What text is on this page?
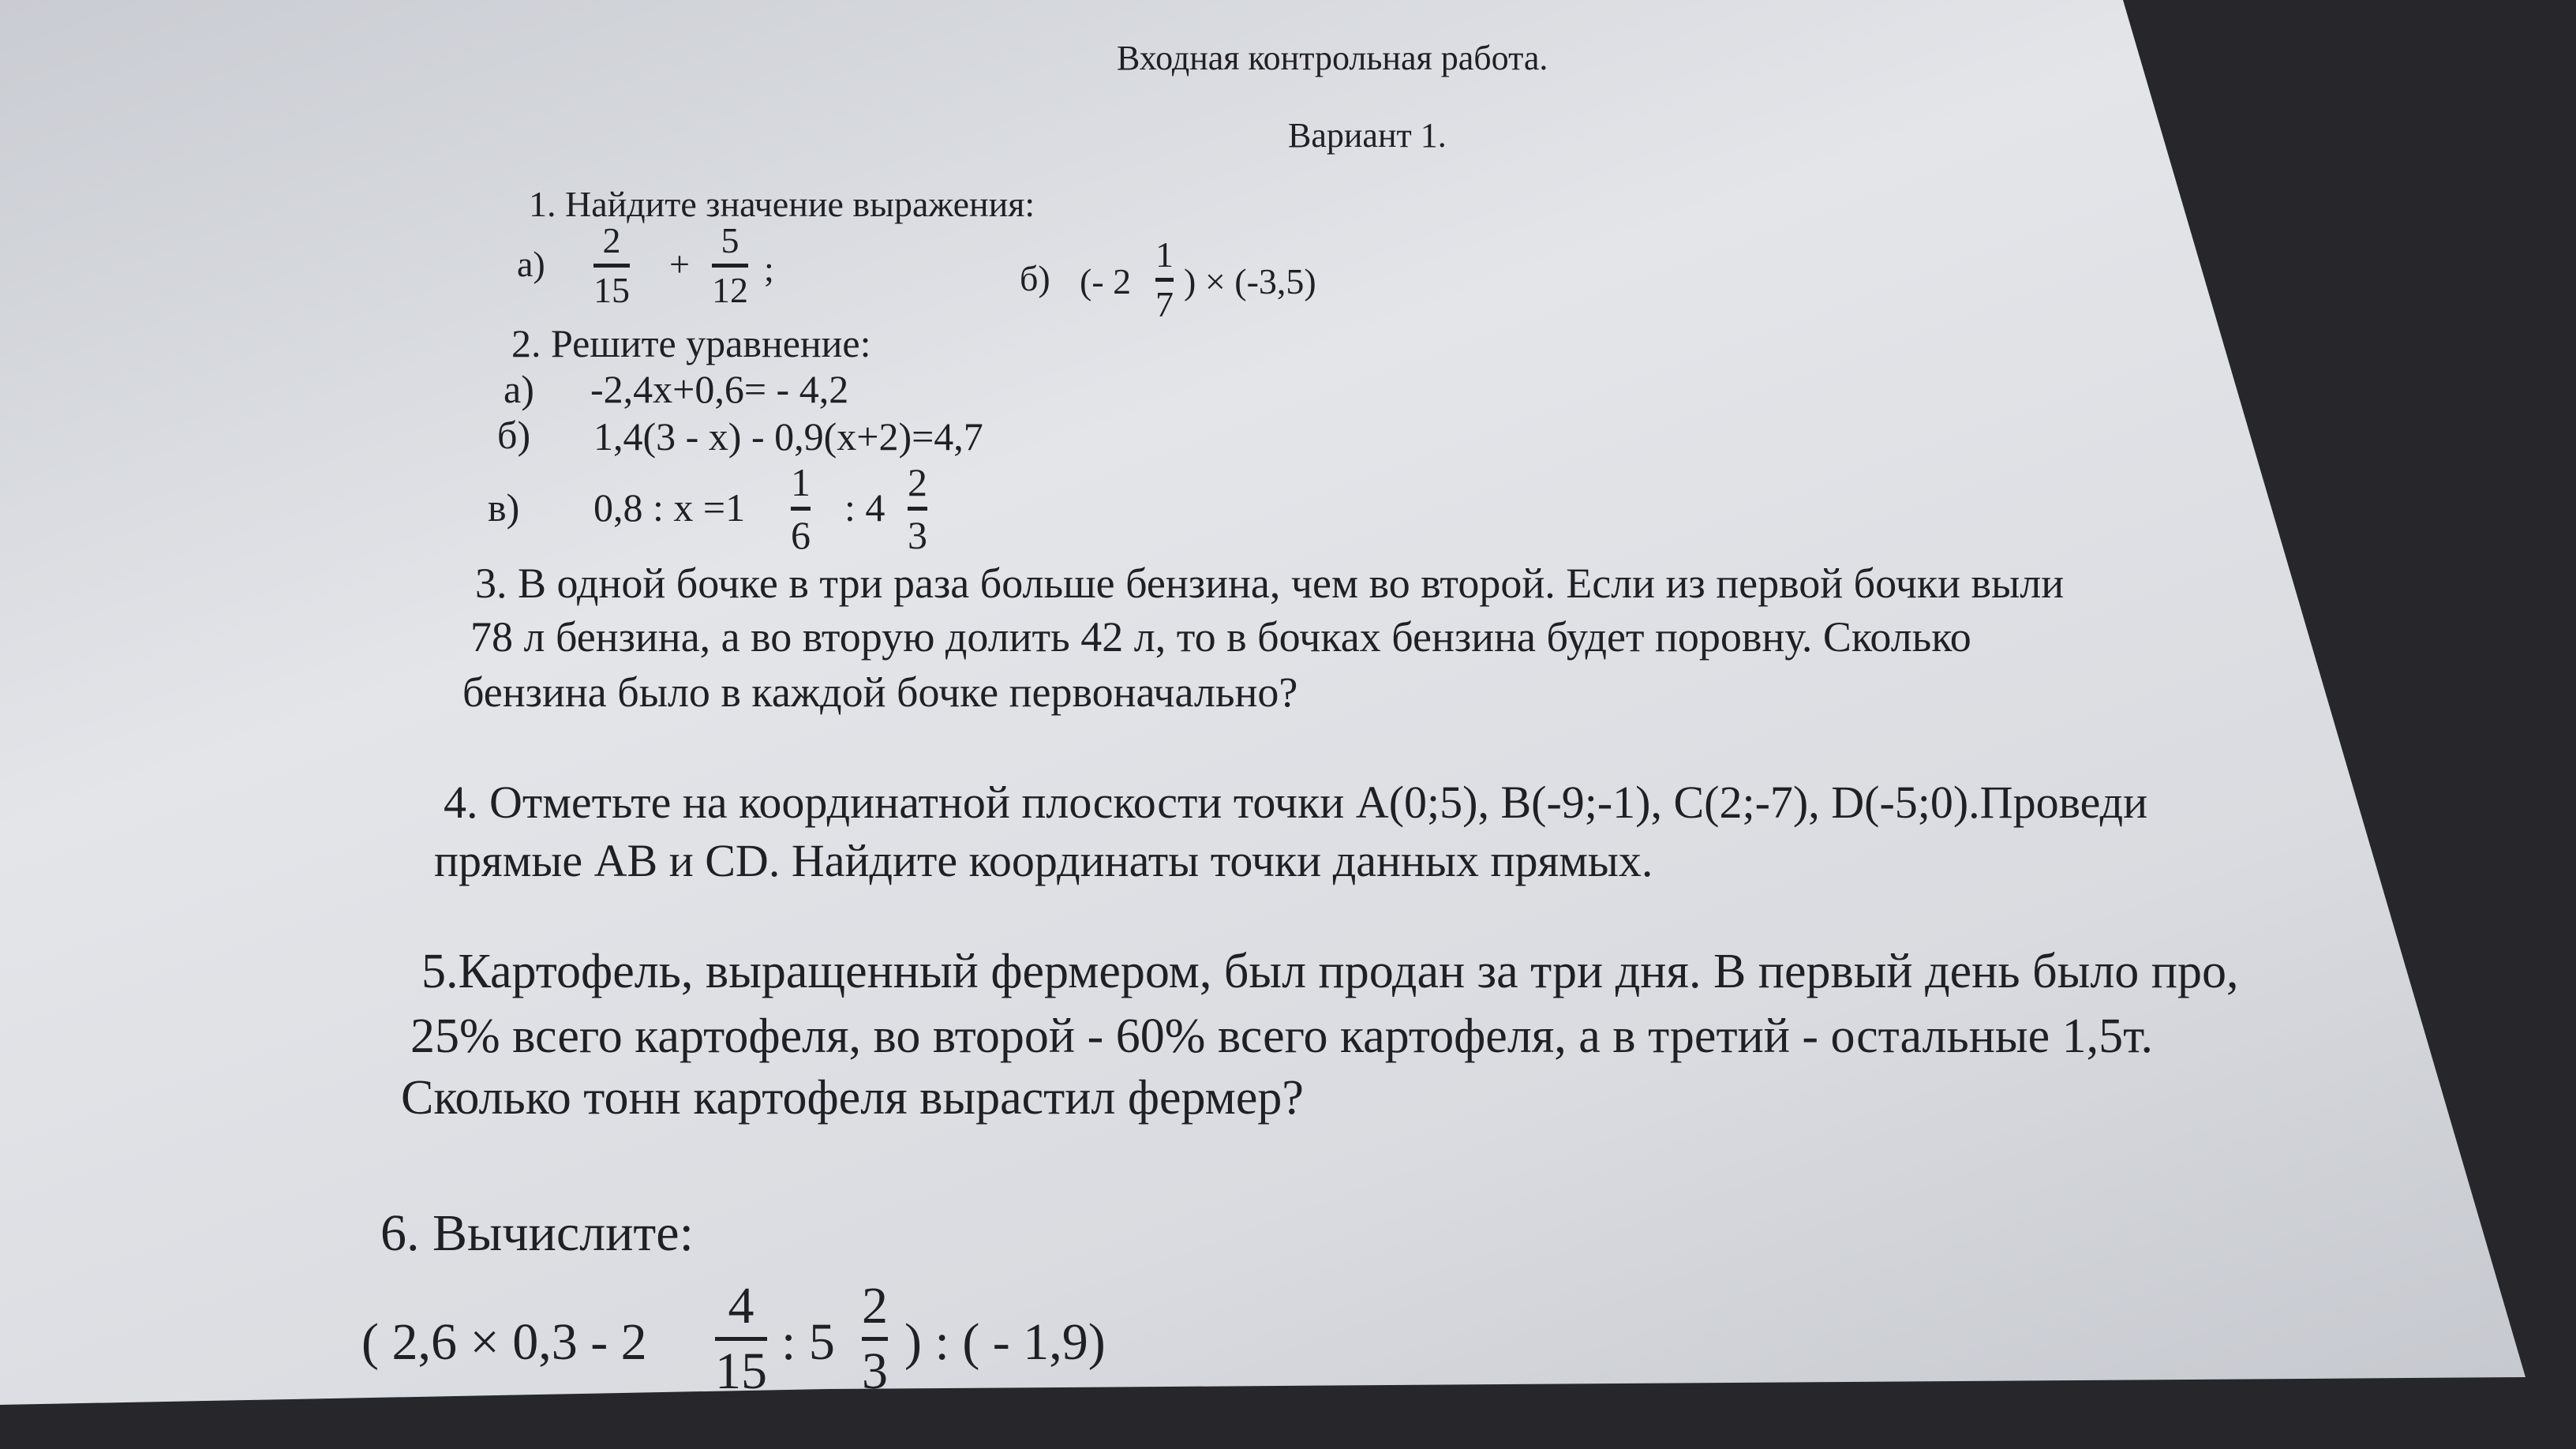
Входная контрольная работа.
Вариант 1.
1. Найдите значение выражения:
а)
2
15
+
5
12
;	б) (- 2
1
7
) × (-3,5)
2. Решите уравнение:
а) -2,4х+0,6= - 4,2
б) 1,4(3 - х) - 0,9(х+2)=4,7
в) 0,8 : х =1
1
6
: 4
2
3
3. В одной бочке в три раза больше бензина, чем во второй. Если из первой бочки выли
78 л бензина, а во вторую долить 42 л, то в бочках бензина будет поровну. Сколько
бензина было в каждой бочке первоначально?
4. Отметьте на координатной плоскости точки А(0;5), В(-9;-1), С(2;-7), D(-5;0).Проведи
прямые АВ и СD. Найдите координаты точки данных прямых.
5.Картофель, выращенный фермером, был продан за три дня. В первый день было про,
25% всего картофеля, во второй - 60% всего картофеля, а в третий - остальные 1,5т.
Сколько тонн картофеля вырастил фермер?
6. Вычислите:
( 2,6 × 0,3 - 2
4
15
: 5
2
3
) : ( - 1,9)
